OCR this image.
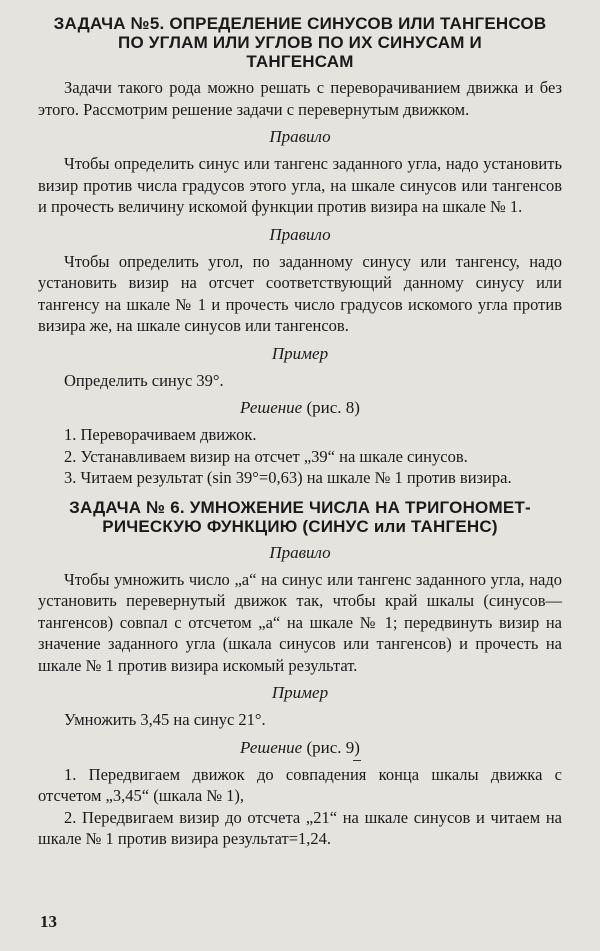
ЗАДАЧА №5. ОПРЕДЕЛЕНИЕ СИНУСОВ ИЛИ ТАНГЕНСОВ
ПО УГЛАМ ИЛИ УГЛОВ ПО ИХ СИНУСАМ И
ТАНГЕНСАМ

Задачи такого рода можно решать с переворачиванием движка и без этого. Рассмотрим решение задачи с перевернутым движком.

Правило

Чтобы определить синус или тангенс заданного угла, надо установить визир против числа градусов этого угла, на шкале синусов или тангенсов и прочесть величину искомой функции против визира на шкале № 1.

Правило

Чтобы определить угол, по заданному синусу или тангенсу, надо установить визир на отсчет соответствующий данному синусу или тангенсу на шкале № 1 и прочесть число градусов искомого угла против визира же, на шкале синусов или тангенсов.

Пример

Определить синус 39°.

Решение (рис. 8)

1. Переворачиваем движок.

2. Устанавливаем визир на отсчет „39“ на шкале синусов.

3. Читаем результат (sin 39°=0,63) на шкале № 1 против визира.

ЗАДАЧА № 6. УМНОЖЕНИЕ ЧИСЛА НА ТРИГОНОМЕТ-
РИЧЕСКУЮ ФУНКЦИЮ (СИНУС или ТАНГЕНС)
Правило

Чтобы умножить число „а“ на синус или тангенс заданного угла, надо установить перевернутый движок так, чтобы край шкалы (синусов—тангенсов) совпал с отсчетом „а“ на шкале № 1; передвинуть визир на значение заданного угла (шкала синусов или тангенсов) и прочесть на шкале № 1 против визира искомый результат.

Пример

Умножить 3,45 на синус 21°.

Решение (рис. 9)

1. Передвигаем движок до совпадения конца шкалы движка с отсчетом „3,45“ (шкала № 1),

2. Передвигаем визир до отсчета „21“ на шкале синусов и читаем на шкале № 1 против визира результат=1,24.

13
